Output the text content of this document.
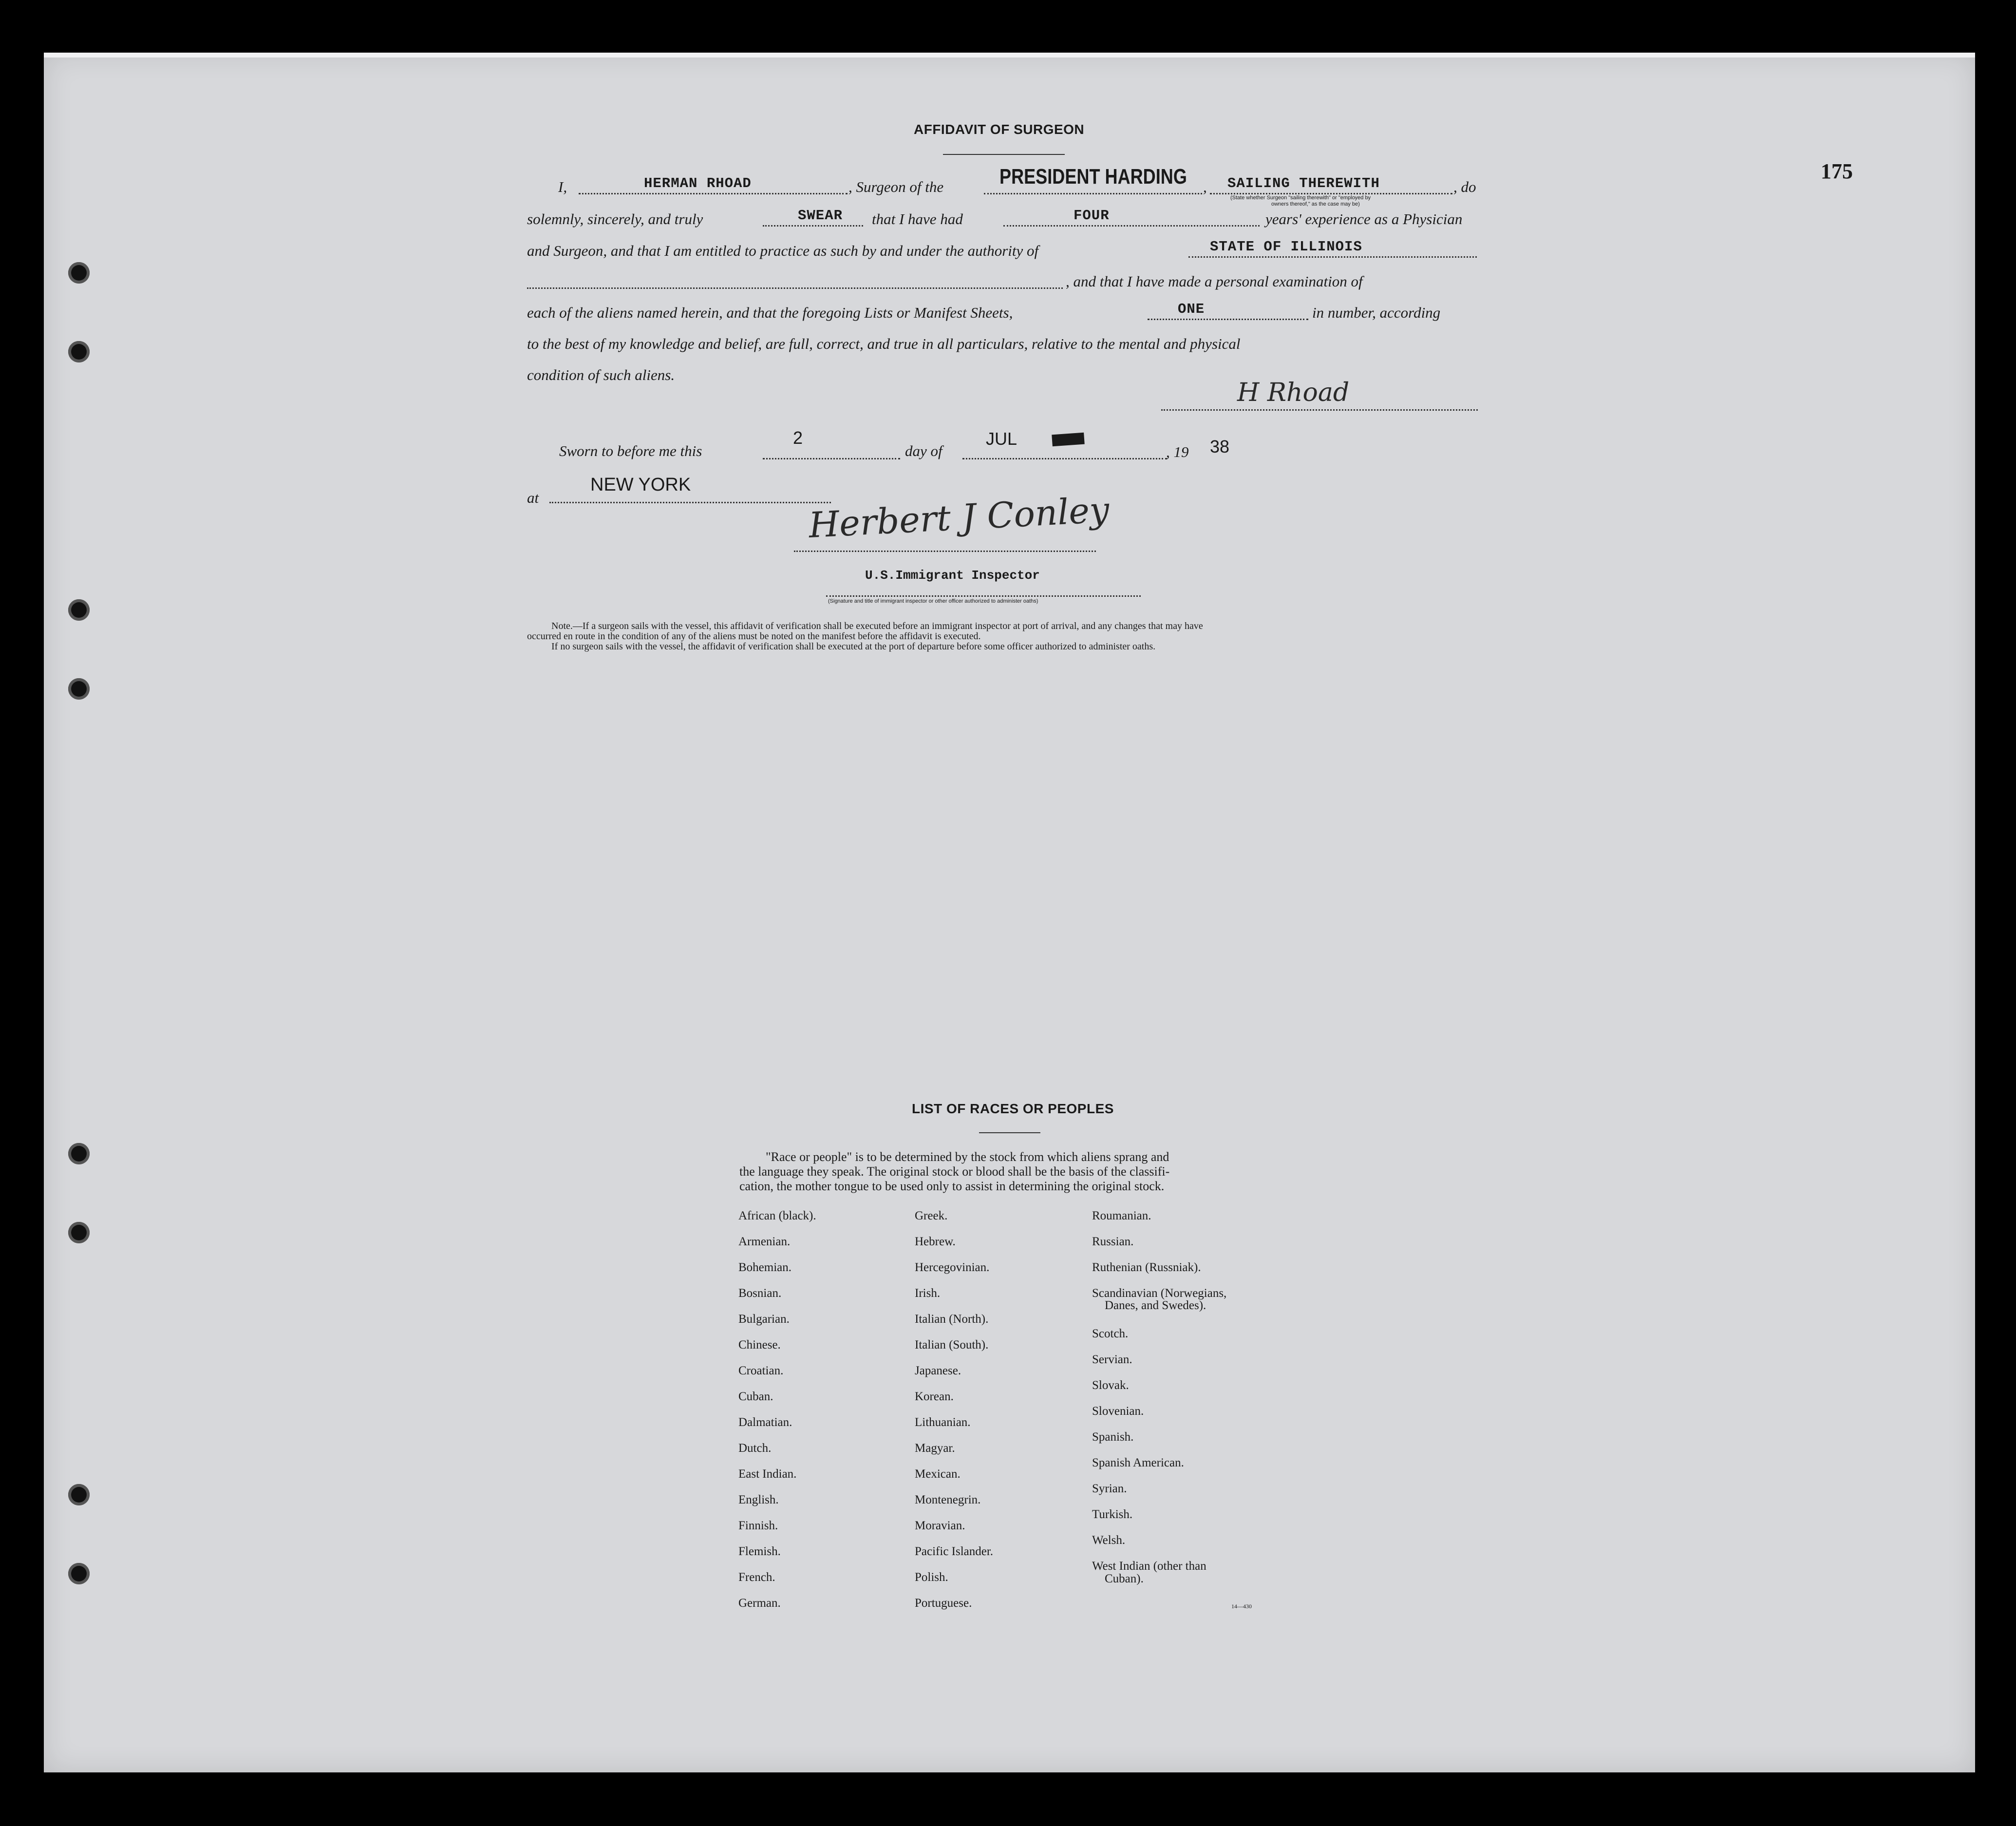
175
AFFIDAVIT OF SURGEON
I,	HERMAN RHOAD	, Surgeon of the	PRESIDENT HARDING , SAILING THEREWITH	, do
(State whether Surgeon "sailing therewith" or "employed by
owners thereof," as the case may be)
solemnly, sincerely, and truly	SWEAR that I have had	FOUR	years' experience as a Physician
and Surgeon, and that I am entitled to practice as such by and under the authority of	STATE OF ILLINOIS
, and that I have made a personal examination of
each of the aliens named herein, and that the foregoing Lists or Manifest Sheets,	ONE	in number, according
to the best of my knowledge and belief, are full, correct, and true in all particulars, relative to the mental and physical
condition of such aliens.
H Rhoad
Sworn to before me this
2
day of
JUL
, 19 38
at
NEW YORK
Herbert J Conley
U.S.Immigrant Inspector
(Signature and title of immigrant inspector or other officer authorized to administer oaths)
Note.—If a surgeon sails with the vessel, this affidavit of verification shall be executed before an immigrant inspector at port of arrival, and any changes that may have
occurred en route in the condition of any of the aliens must be noted on the manifest before the affidavit is executed.
If no surgeon sails with the vessel, the affidavit of verification shall be executed at the port of departure before some officer authorized to administer oaths.
LIST OF RACES OR PEOPLES
"Race or people" is to be determined by the stock from which aliens sprang and
the language they speak. The original stock or blood shall be the basis of the classifi-
cation, the mother tongue to be used only to assist in determining the original stock.
African (black).
Armenian.
Bohemian.
Bosnian.
Bulgarian.
Chinese.
Croatian.
Cuban.
Dalmatian.
Dutch.
East Indian.
English.
Finnish.
Flemish.
French.
German.
Greek.
Hebrew.
Hercegovinian.
Irish.
Italian (North).
Italian (South).
Japanese.
Korean.
Lithuanian.
Magyar.
Mexican.
Montenegrin.
Moravian.
Pacific Islander.
Polish.
Portuguese.
Roumanian.
Russian.
Ruthenian (Russniak).
Scandinavian (Norwegians,
Danes, and Swedes).
Scotch.
Servian.
Slovak.
Slovenian.
Spanish.
Spanish American.
Syrian.
Turkish.
Welsh.
West Indian (other than
Cuban).
14—430
